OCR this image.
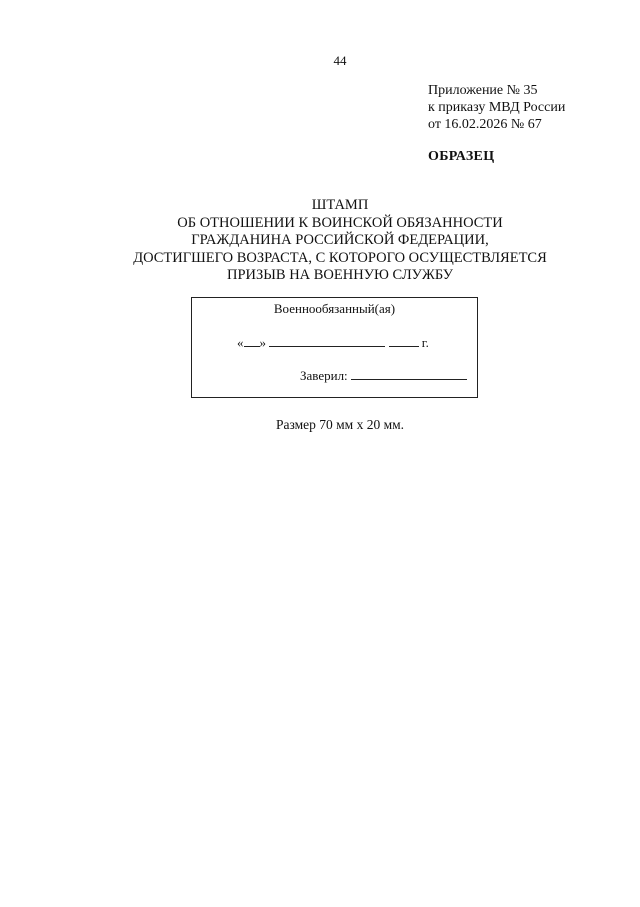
44
Приложение № 35
к приказу МВД России
от 16.02.2026 № 67
ОБРАЗЕЦ
ШТАМП
ОБ ОТНОШЕНИИ К ВОИНСКОЙ ОБЯЗАННОСТИ
ГРАЖДАНИНА РОССИЙСКОЙ ФЕДЕРАЦИИ,
ДОСТИГШЕГО ВОЗРАСТА, С КОТОРОГО ОСУЩЕСТВЛЯЕТСЯ
ПРИЗЫВ НА ВОЕННУЮ СЛУЖБУ
Военнообязанный(ая)
« »	г.
Заверил:
Размер 70 мм х 20 мм.
